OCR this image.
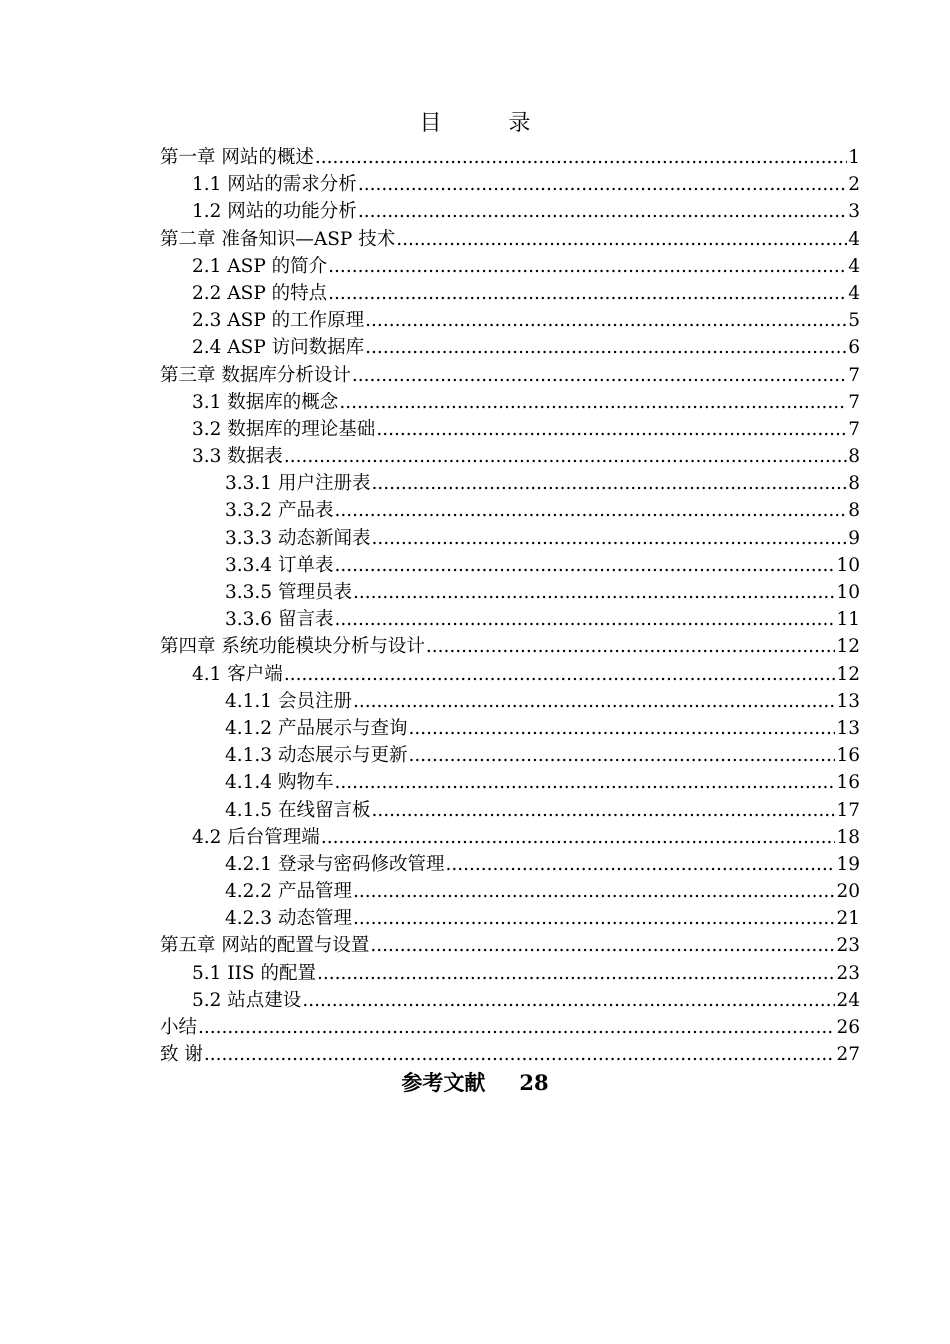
目 录
第一章 网站的概述 .....	1
1.1 网站的需求分析 .....	2
1.2 网站的功能分析 .....	3
第二章 准备知识—ASP 技术 .....	4
2.1 ASP 的简介 .....	4
2.2 ASP 的特点 .....	4
2.3 ASP 的工作原理 .....	5
2.4 ASP 访问数据库 .....	6
第三章 数据库分析设计 .....	7
3.1 数据库的概念 .....	7
3.2 数据库的理论基础 .....	7
3.3 数据表 .....	8
3.3.1 用户注册表 .....	8
3.3.2 产品表 .....	8
3.3.3 动态新闻表 .....	9
3.3.4 订单表 .....	10
3.3.5 管理员表 .....	10
3.3.6 留言表 .....	11
第四章 系统功能模块分析与设计 .....	12
4.1 客户端 .....	12
4.1.1 会员注册 .....	13
4.1.2 产品展示与查询 .....	13
4.1.3 动态展示与更新 .....	16
4.1.4 购物车 .....	16
4.1.5 在线留言板 .....	17
4.2 后台管理端 .....	18
4.2.1 登录与密码修改管理 .....	19
4.2.2 产品管理 .....	20
4.2.3 动态管理 .....	21
第五章 网站的配置与设置 .....	23
5.1 IIS 的配置 .....	23
5.2 站点建设 .....	24
小结 .....	26
致 谢 .....	27
参考文献 28
